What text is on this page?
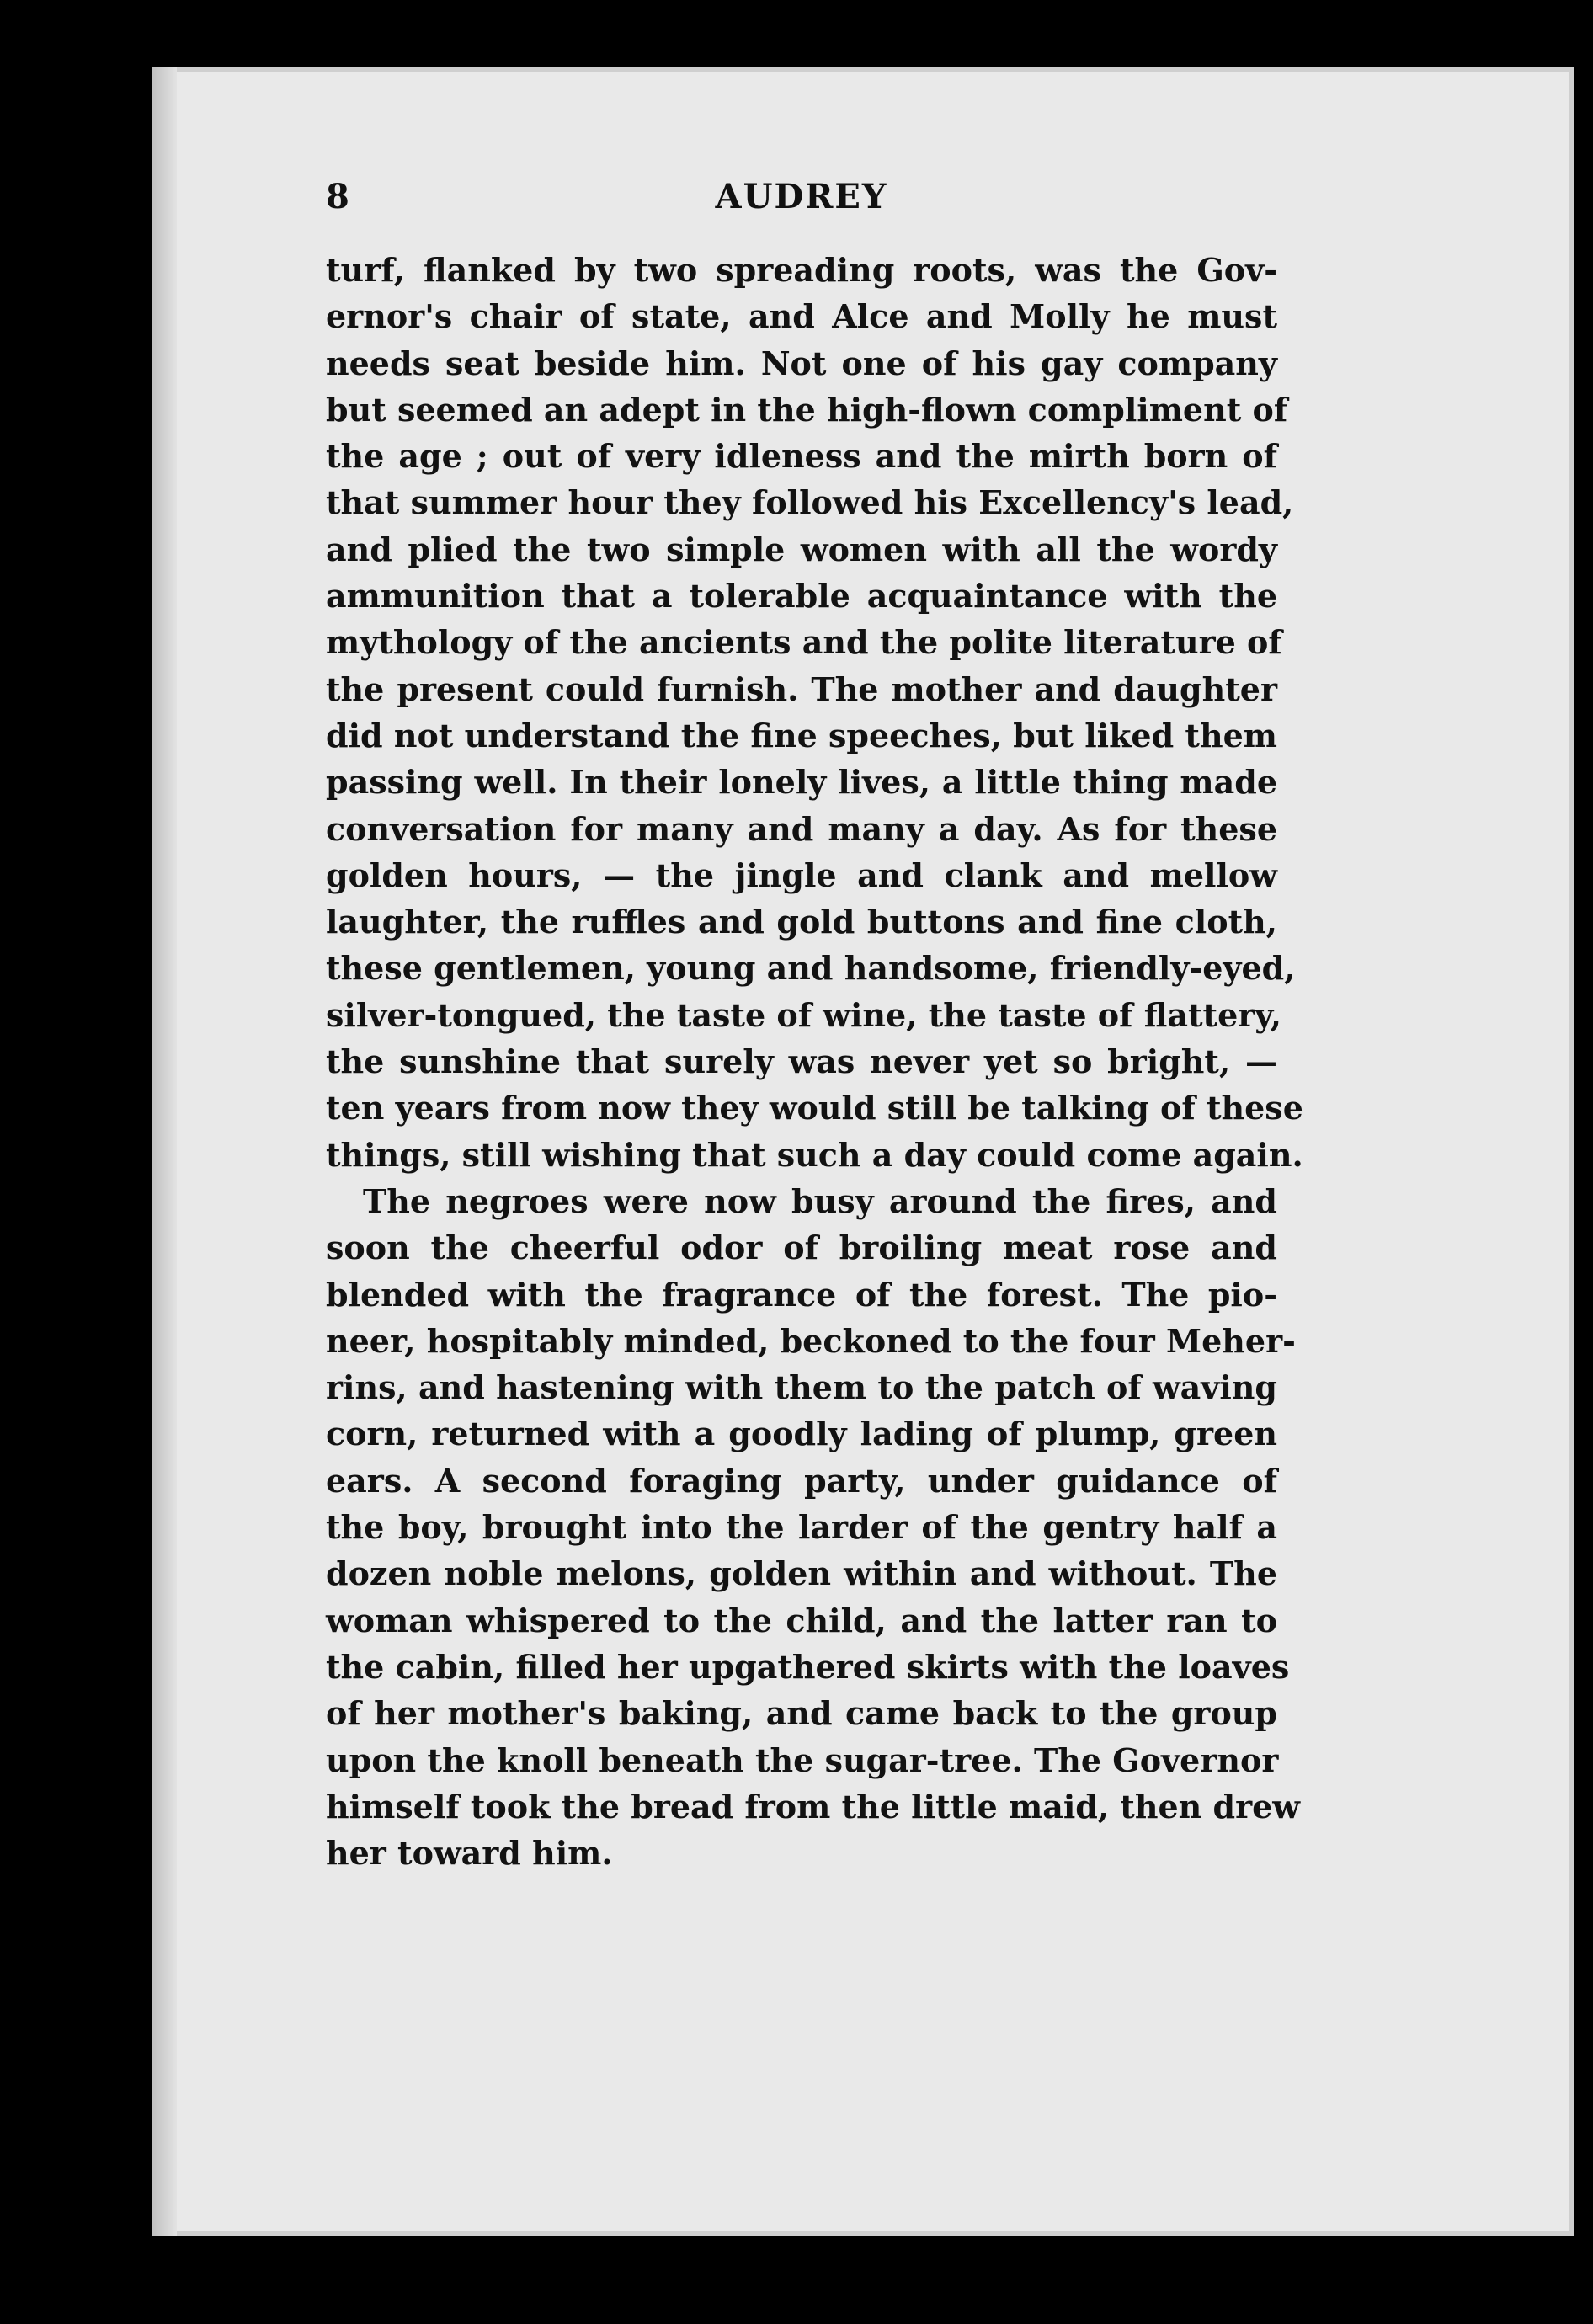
8	AUDREY
turf, flanked by two spreading roots, was the Gov-
ernor's chair of state, and Alce and Molly he must
needs seat beside him. Not one of his gay company
but seemed an adept in the high-flown compliment of
the age ; out of very idleness and the mirth born of
that summer hour they followed his Excellency's lead,
and plied the two simple women with all the wordy
ammunition that a tolerable acquaintance with the
mythology of the ancients and the polite literature of
the present could furnish. The mother and daughter
did not understand the fine speeches, but liked them
passing well. In their lonely lives, a little thing made
conversation for many and many a day. As for these
golden hours, — the jingle and clank and mellow
laughter, the ruffles and gold buttons and fine cloth,
these gentlemen, young and handsome, friendly-eyed,
silver-tongued, the taste of wine, the taste of flattery,
the sunshine that surely was never yet so bright, —
ten years from now they would still be talking of these
things, still wishing that such a day could come again.
The negroes were now busy around the fires, and
soon the cheerful odor of broiling meat rose and
blended with the fragrance of the forest. The pio-
neer, hospitably minded, beckoned to the four Meher-
rins, and hastening with them to the patch of waving
corn, returned with a goodly lading of plump, green
ears. A second foraging party, under guidance of
the boy, brought into the larder of the gentry half a
dozen noble melons, golden within and without. The
woman whispered to the child, and the latter ran to
the cabin, filled her upgathered skirts with the loaves
of her mother's baking, and came back to the group
upon the knoll beneath the sugar-tree. The Governor
himself took the bread from the little maid, then drew
her toward him.
